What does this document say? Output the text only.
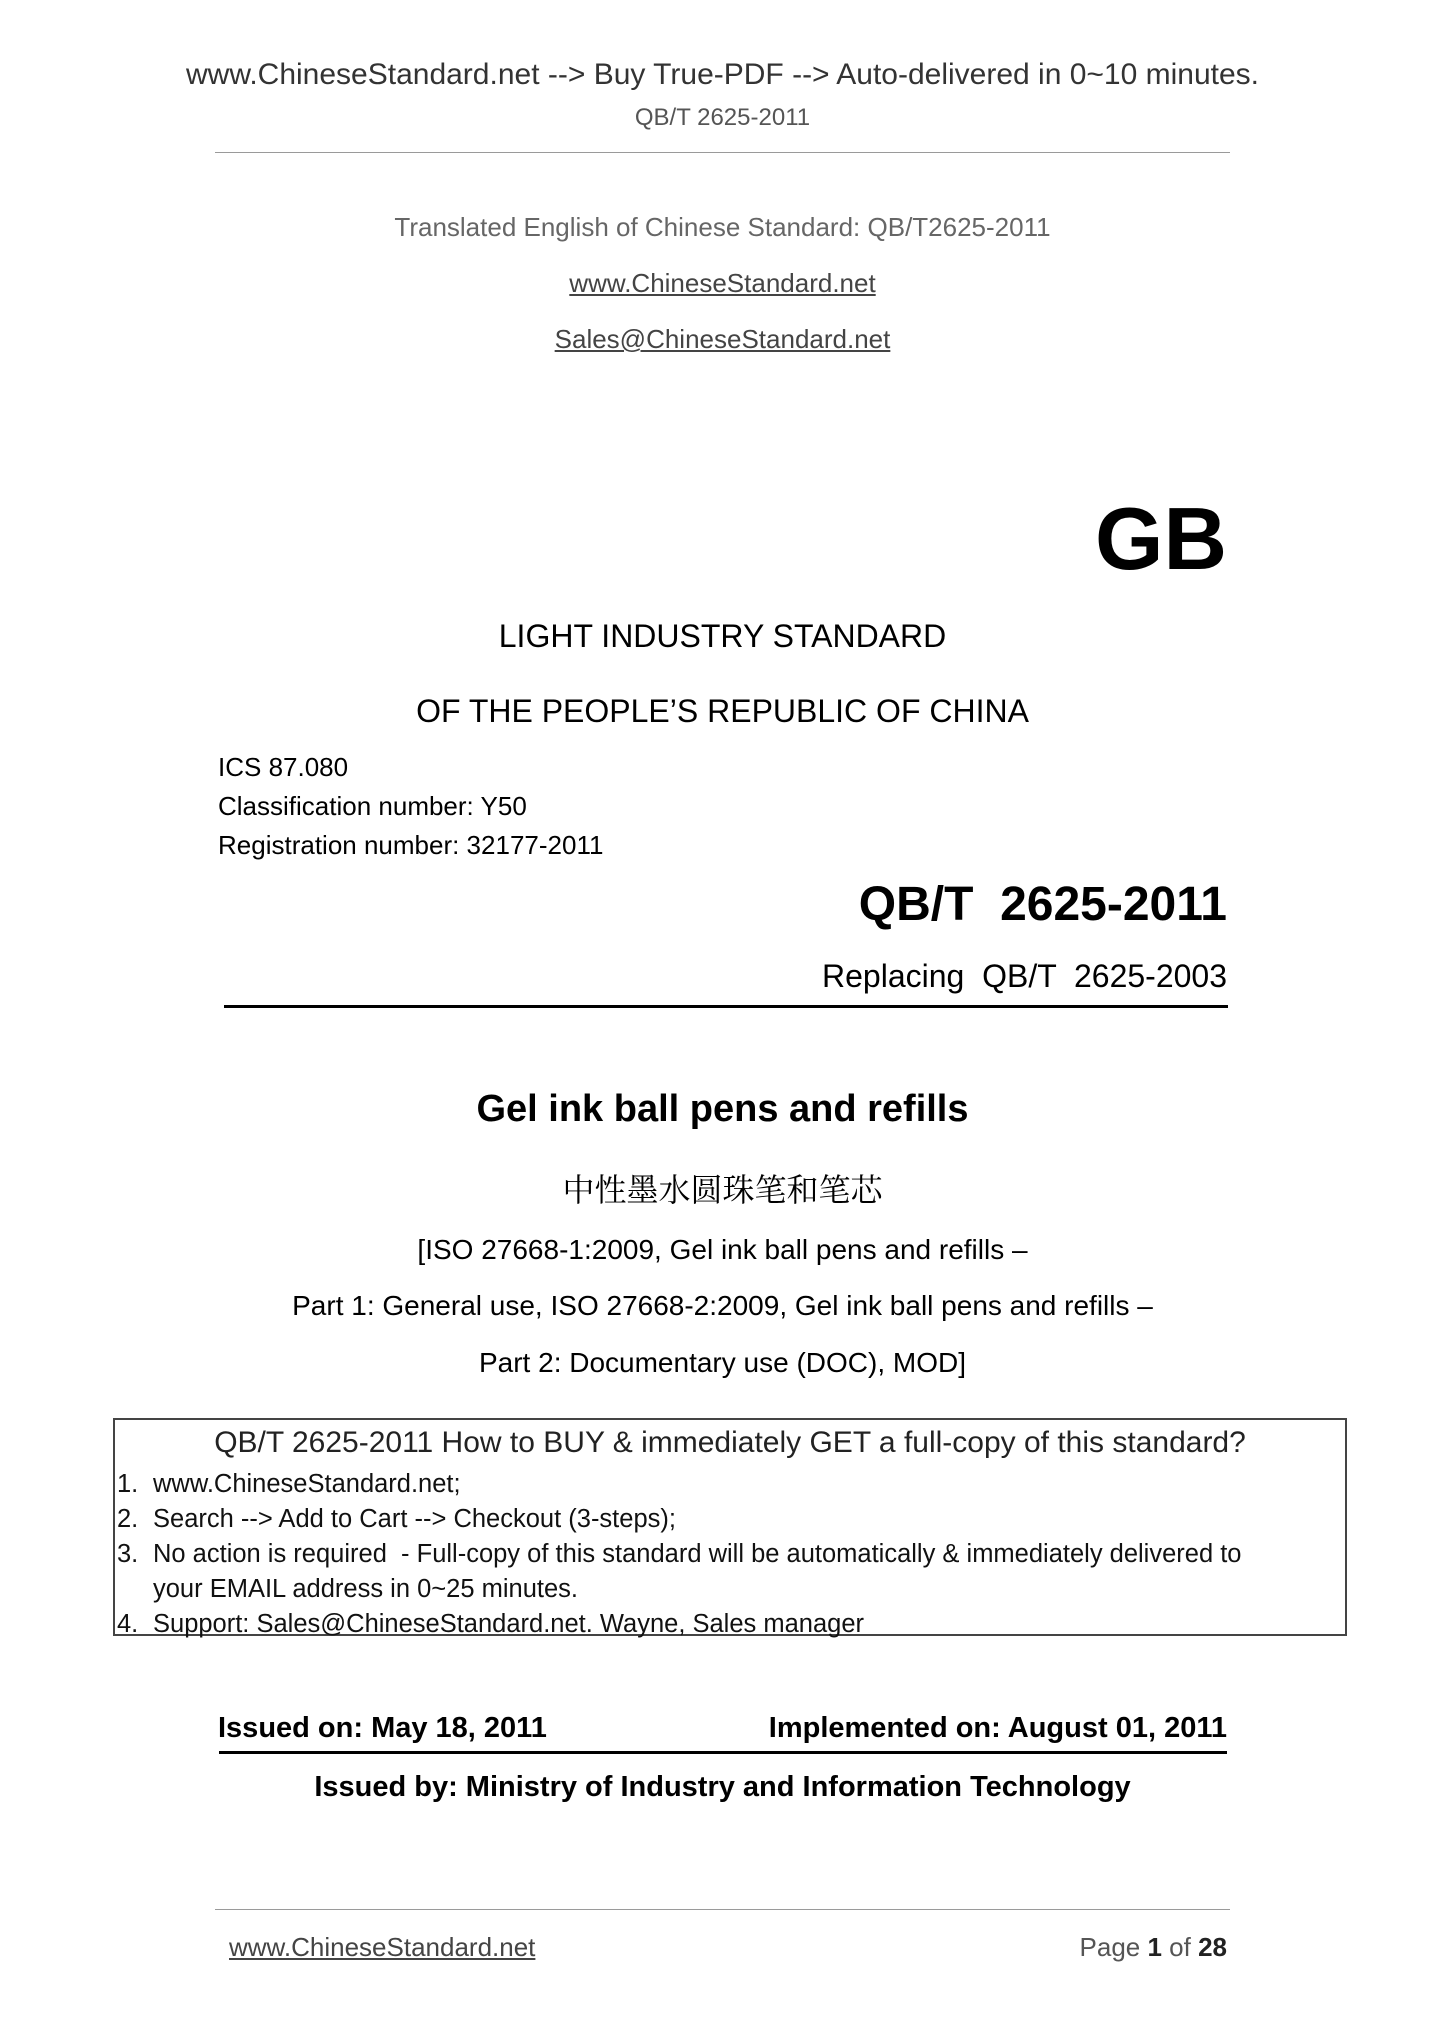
www.ChineseStandard.net --> Buy True-PDF --> Auto-delivered in 0~10 minutes.
QB/T 2625-2011
Translated English of Chinese Standard: QB/T2625-2011
www.ChineseStandard.net
Sales@ChineseStandard.net
GB
LIGHT INDUSTRY STANDARD
OF THE PEOPLE’S REPUBLIC OF CHINA
ICS 87.080
Classification number: Y50
Registration number: 32177-2011
QB/T  2625-2011
Replacing  QB/T  2625-2003
Gel ink ball pens and refills
中性墨水圆珠笔和笔芯
[ISO 27668-1:2009, Gel ink ball pens and refills –
Part 1: General use, ISO 27668-2:2009, Gel ink ball pens and refills –
Part 2: Documentary use (DOC), MOD]
QB/T 2625-2011 How to BUY & immediately GET a full-copy of this standard?
1. www.ChineseStandard.net;
2. Search --> Add to Cart --> Checkout (3-steps);
3. No action is required  - Full-copy of this standard will be automatically & immediately delivered to
your EMAIL address in 0~25 minutes.
4. Support: Sales@ChineseStandard.net. Wayne, Sales manager
Issued on: May 18, 2011	Implemented on: August 01, 2011
Issued by: Ministry of Industry and Information Technology
www.ChineseStandard.net	Page 1 of 28
